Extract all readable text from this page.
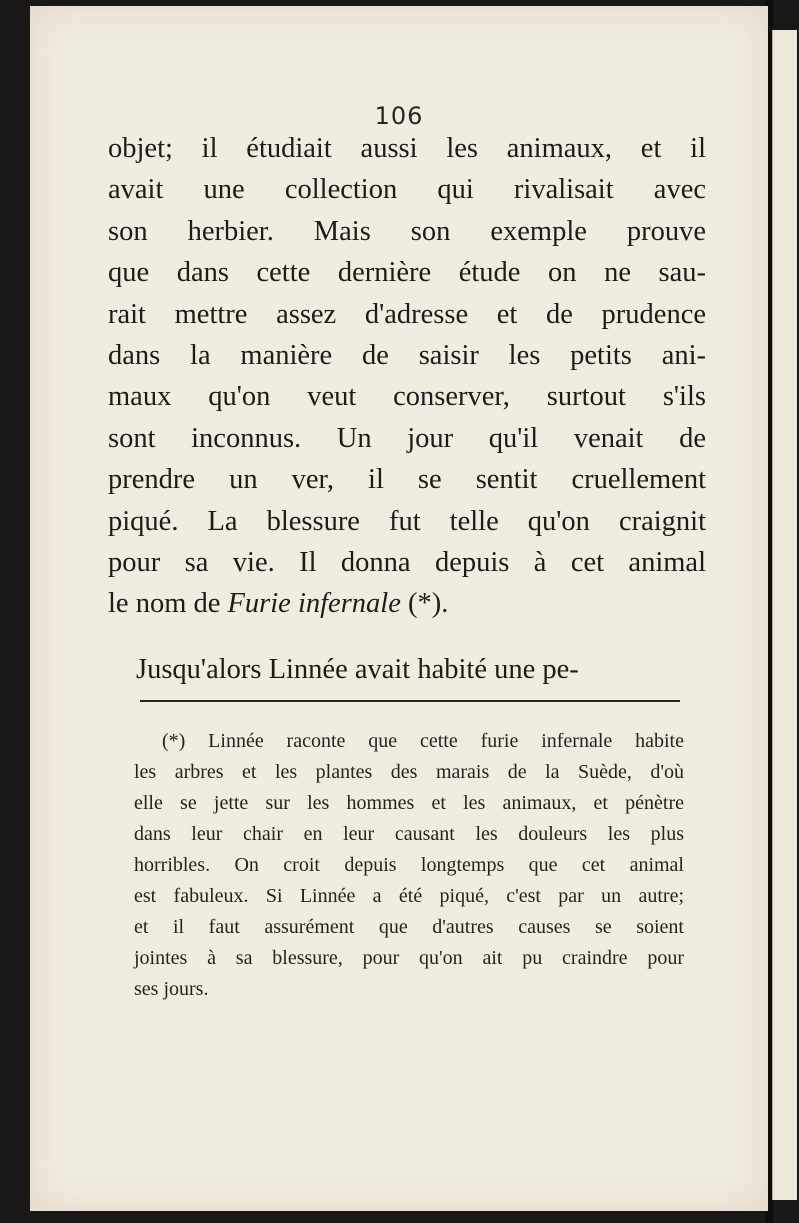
106
objet; il étudiait aussi les animaux, et il
avait une collection qui rivalisait avec
son herbier. Mais son exemple prouve
que dans cette dernière étude on ne sau-
rait mettre assez d'adresse et de prudence
dans la manière de saisir les petits ani-
maux qu'on veut conserver, surtout s'ils
sont inconnus. Un jour qu'il venait de
prendre un ver, il se sentit cruellement
piqué. La blessure fut telle qu'on craignit
pour sa vie. Il donna depuis à cet animal
le nom de Furie infernale (*).
Jusqu'alors Linnée avait habité une pe-
(*) Linnée raconte que cette furie infernale habite
les arbres et les plantes des marais de la Suède, d'où
elle se jette sur les hommes et les animaux, et pénètre
dans leur chair en leur causant les douleurs les plus
horribles. On croit depuis longtemps que cet animal
est fabuleux. Si Linnée a été piqué, c'est par un autre;
et il faut assurément que d'autres causes se soient
jointes à sa blessure, pour qu'on ait pu craindre pour
ses jours.
